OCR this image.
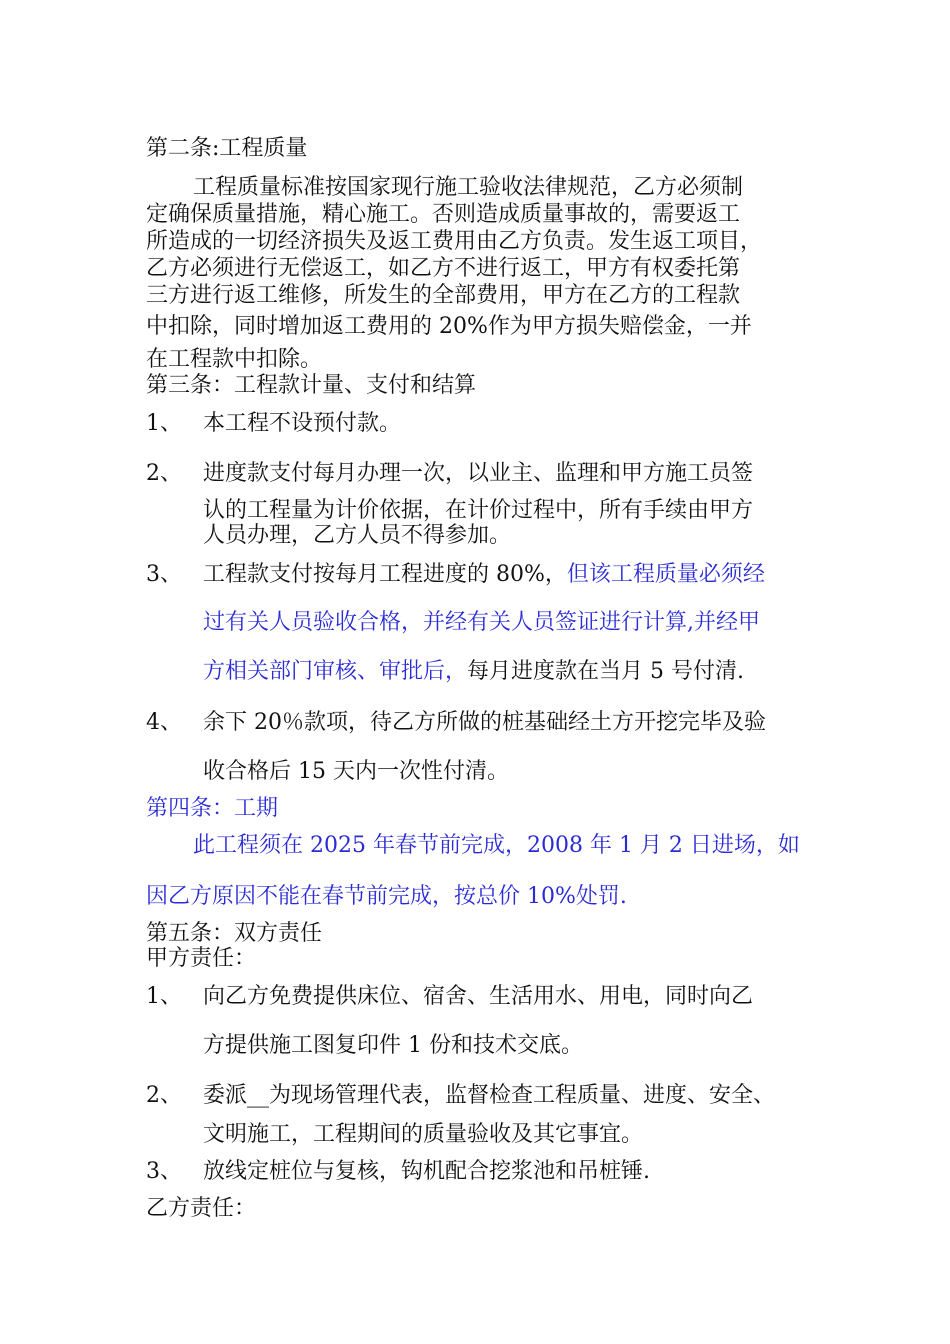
第二条:工程质量
工程质量标准按国家现行施工验收法律规范，乙方必须制
定确保质量措施，精心施工。否则造成质量事故的，需要返工
所造成的一切经济损失及返工费用由乙方负责。发生返工项目，
乙方必须进行无偿返工，如乙方不进行返工，甲方有权委托第
三方进行返工维修，所发生的全部费用，甲方在乙方的工程款
中扣除，同时增加返工费用的 20%作为甲方损失赔偿金，一并
在工程款中扣除。
第三条：工程款计量、支付和结算
1、 本工程不设预付款。
2、 进度款支付每月办理一次，以业主、监理和甲方施工员签
认的工程量为计价依据，在计价过程中，所有手续由甲方
人员办理，乙方人员不得参加。
3、 工程款支付按每月工程进度的 80%，但该工程质量必须经
过有关人员验收合格，并经有关人员签证进行计算,并经甲
方相关部门审核、审批后，每月进度款在当月 5 号付清.
4、 余下 20％款项，待乙方所做的桩基础经土方开挖完毕及验
收合格后 15 天内一次性付清。
第四条：工期
此工程须在 2025 年春节前完成，2008 年 1 月 2 日进场，如
因乙方原因不能在春节前完成，按总价 10%处罚.
第五条：双方责任
甲方责任：
1、 向乙方免费提供床位、宿舍、生活用水、用电，同时向乙
方提供施工图复印件 1 份和技术交底。
2、 委派__为现场管理代表，监督检查工程质量、进度、安全、
文明施工，工程期间的质量验收及其它事宜。
3、 放线定桩位与复核，钩机配合挖浆池和吊桩锤.
乙方责任：
